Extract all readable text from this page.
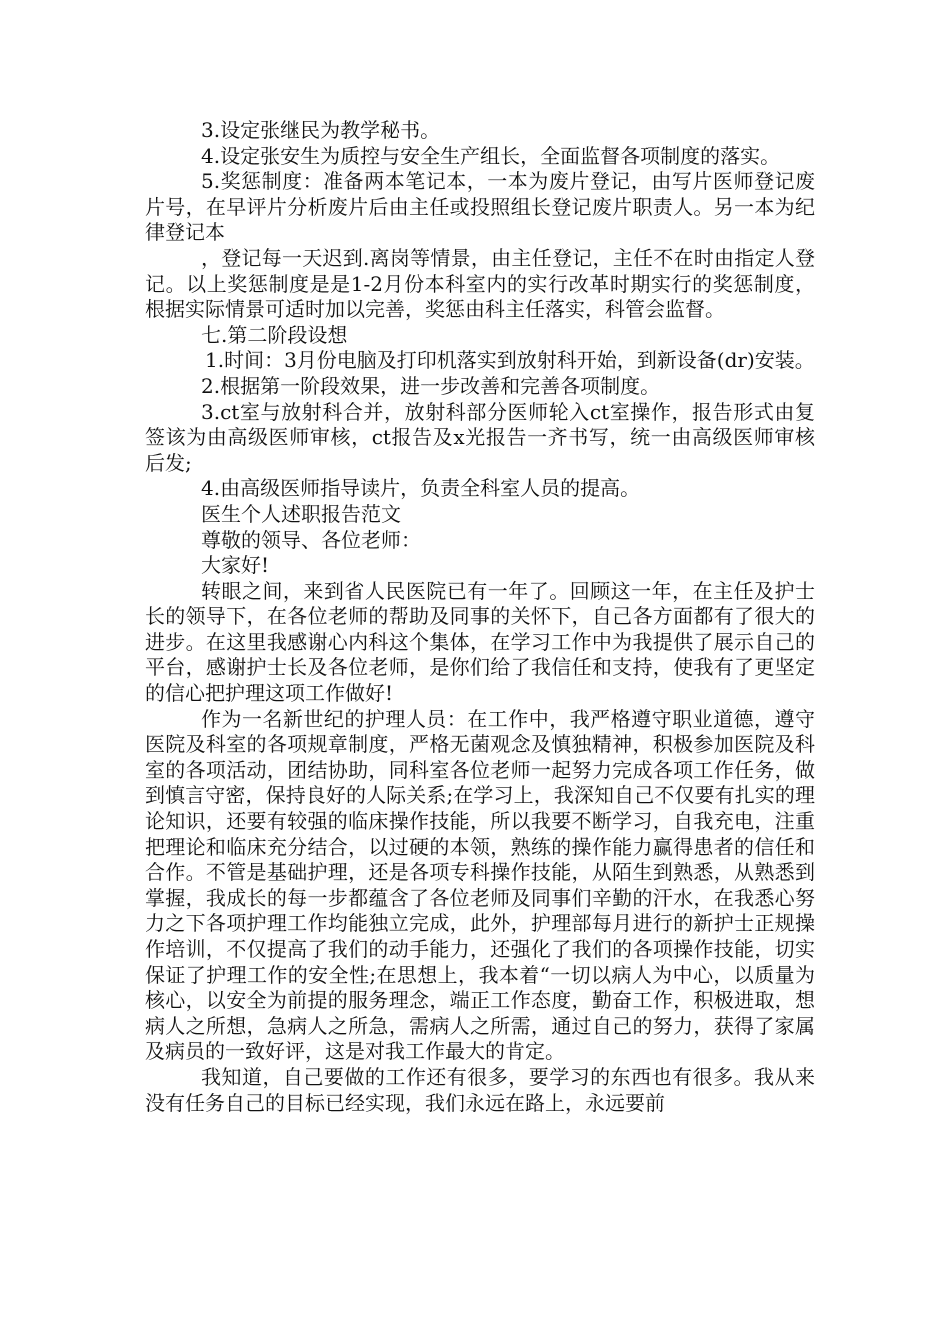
3.设定张继民为教学秘书。

4.设定张安生为质控与安全生产组长，全面监督各项制度的落实。

5.奖惩制度：准备两本笔记本，一本为废片登记，由写片医师登记废片号，在早评片分析废片后由主任或投照组长登记废片职责人。另一本为纪律登记本

，登记每一天迟到.离岗等情景，由主任登记，主任不在时由指定人登记。以上奖惩制度是是1-2月份本科室内的实行改革时期实行的奖惩制度，根据实际情景可适时加以完善，奖惩由科主任落实，科管会监督。

七.第二阶段设想

1.时间：3月份电脑及打印机落实到放射科开始，到新设备(dr)安装。

2.根据第一阶段效果，进一步改善和完善各项制度。

3.ct室与放射科合并，放射科部分医师轮入ct室操作，报告形式由复签该为由高级医师审核，ct报告及x光报告一齐书写，统一由高级医师审核后发;

4.由高级医师指导读片，负责全科室人员的提高。

医生个人述职报告范文

尊敬的领导、各位老师：

大家好!

转眼之间，来到省人民医院已有一年了。回顾这一年，在主任及护士长的领导下，在各位老师的帮助及同事的关怀下，自己各方面都有了很大的进步。在这里我感谢心内科这个集体，在学习工作中为我提供了展示自己的平台，感谢护士长及各位老师，是你们给了我信任和支持，使我有了更坚定的信心把护理这项工作做好!

作为一名新世纪的护理人员：在工作中，我严格遵守职业道德，遵守医院及科室的各项规章制度，严格无菌观念及慎独精神，积极参加医院及科室的各项活动，团结协助，同科室各位老师一起努力完成各项工作任务，做到慎言守密，保持良好的人际关系;在学习上，我深知自己不仅要有扎实的理论知识，还要有较强的临床操作技能，所以我要不断学习，自我充电，注重把理论和临床充分结合，以过硬的本领，熟练的操作能力赢得患者的信任和合作。不管是基础护理，还是各项专科操作技能，从陌生到熟悉，从熟悉到掌握，我成长的每一步都蕴含了各位老师及同事们辛勤的汗水，在我悉心努力之下各项护理工作均能独立完成，此外，护理部每月进行的新护士正规操作培训，不仅提高了我们的动手能力，还强化了我们的各项操作技能，切实保证了护理工作的安全性;在思想上，我本着“一切以病人为中心，以质量为核心，以安全为前提的服务理念，端正工作态度，勤奋工作，积极进取，想病人之所想，急病人之所急，需病人之所需，通过自己的努力，获得了家属及病员的一致好评，这是对我工作最大的肯定。

我知道，自己要做的工作还有很多，要学习的东西也有很多。我从来没有任务自己的目标已经实现，我们永远在路上，永远要前
